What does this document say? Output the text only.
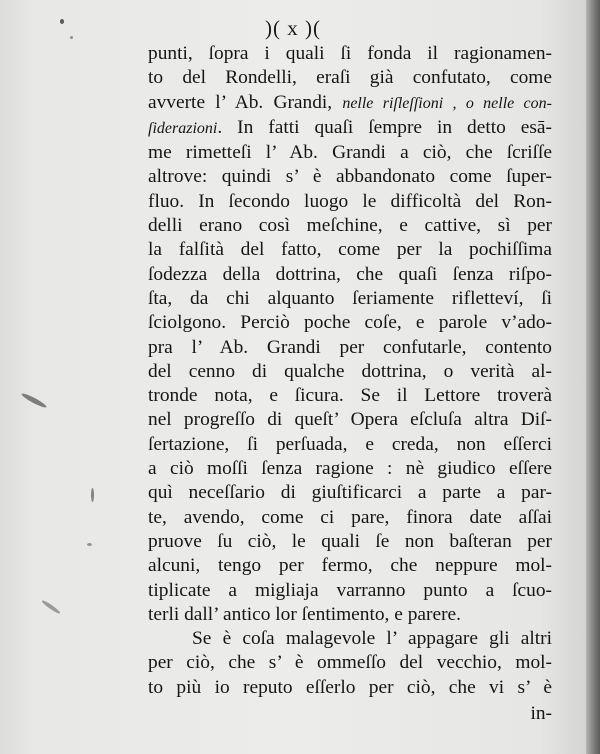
)( x )(
punti, ſopra i quali ſi fonda il ragionamen-
to del Rondelli, eraſi già confutato, come
avverte l’ Ab. Grandi, nelle riſleſſioni , o nelle con-
ſiderazioni. In fatti quaſi ſempre in detto esā-
me rimetteſi l’ Ab. Grandi a ciò, che ſcriſſe
altrove: quindi s’ è abbandonato come ſuper-
fluo. In ſecondo luogo le difficoltà del Ron-
delli erano così meſchine, e cattive, sì per
la falſità del fatto, come per la pochiſſima
ſodezza della dottrina, che quaſi ſenza riſpo-
ſta, da chi alquanto ſeriamente rifletteví, ſi
ſciolgono. Perciò poche coſe, e parole v’ado-
pra l’ Ab. Grandi per confutarle, contento
del cenno di qualche dottrina, o verità al-
tronde nota, e ſicura. Se il Lettore troverà
nel progreſſo di queſt’ Opera eſcluſa altra Diſ-
ſertazione, ſi perſuada, e creda, non eſſerci
a ciò moſſi ſenza ragione : nè giudico eſſere
quì neceſſario di giuſtificarci a parte a par-
te, avendo, come ci pare, finora date aſſai
pruove ſu ciò, le quali ſe non baſteran per
alcuni, tengo per fermo, che neppure mol-
tiplicate a migliaja varranno punto a ſcuo-
terli dall’ antico lor ſentimento, e parere.
Se è coſa malagevole l’ appagare gli altri
per ciò, che s’ è ommeſſo del vecchio, mol-
to più io reputo eſſerlo per ciò, che vi s’ è
in-
